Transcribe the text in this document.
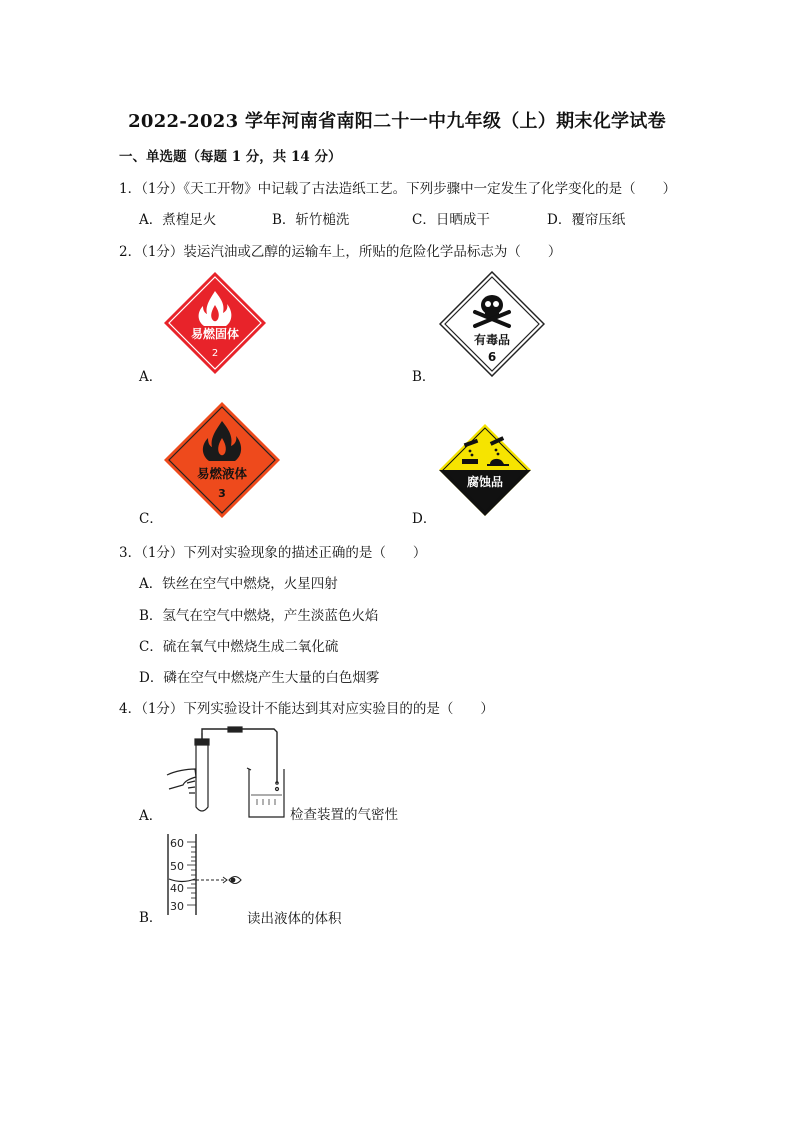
2022-2023 学年河南省南阳二十一中九年级（上）期末化学试卷
一、单选题（每题 1 分，共 14 分）
1．（1分）《天工开物》中记载了古法造纸工艺。下列步骤中一定发生了化学变化的是（　　）
A．煮楻足火	B．斩竹槌洗	C．日晒成干	D．覆帘压纸
2．（1分）装运汽油或乙醇的运输车上，所贴的危险化学品标志为（　　）
A．
易燃固体
2
B．
有毒品
6
C．
易燃液体
3
D．
腐蚀品
3．（1分）下列对实验现象的描述正确的是（　　）
A．铁丝在空气中燃烧，火星四射
B．氢气在空气中燃烧，产生淡蓝色火焰
C．硫在氧气中燃烧生成二氧化硫
D．磷在空气中燃烧产生大量的白色烟雾
4．（1分）下列实验设计不能达到其对应实验目的的是（　　）
A．	检查装置的气密性
B．
60
50
40
30
读出液体的体积
